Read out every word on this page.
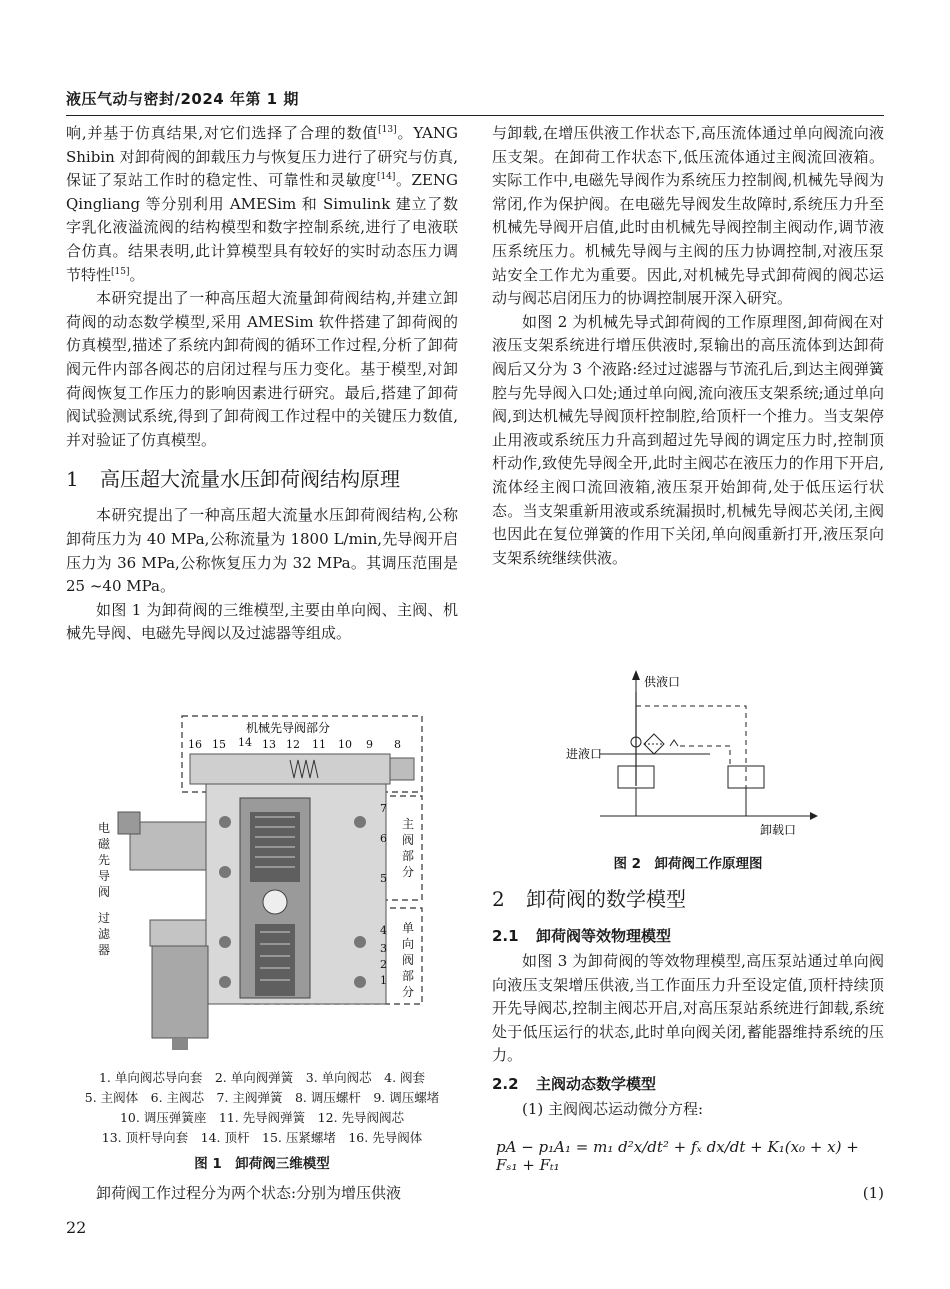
液压气动与密封/2024 年第 1 期

响,并基于仿真结果,对它们选择了合理的数值[13]。YANG Shibin 对卸荷阀的卸载压力与恢复压力进行了研究与仿真,保证了泵站工作时的稳定性、可靠性和灵敏度[14]。ZENG Qingliang 等分别利用 AMESim 和 Simulink 建立了数字乳化液溢流阀的结构模型和数字控制系统,进行了电液联合仿真。结果表明,此计算模型具有较好的实时动态压力调节特性[15]。

本研究提出了一种高压超大流量卸荷阀结构,并建立卸荷阀的动态数学模型,采用 AMESim 软件搭建了卸荷阀的仿真模型,描述了系统内卸荷阀的循环工作过程,分析了卸荷阀元件内部各阀芯的启闭过程与压力变化。基于模型,对卸荷阀恢复工作压力的影响因素进行研究。最后,搭建了卸荷阀试验测试系统,得到了卸荷阀工作过程中的关键压力数值,并对验证了仿真模型。

1 高压超大流量水压卸荷阀结构原理

本研究提出了一种高压超大流量水压卸荷阀结构,公称卸荷压力为 40 MPa,公称流量为 1800 L/min,先导阀开启压力为 36 MPa,公称恢复压力为 32 MPa。其调压范围是 25 ~40 MPa。

如图 1 为卸荷阀的三维模型,主要由单向阀、主阀、机械先导阀、电磁先导阀以及过滤器等组成。

机械先导阀部分
16 15 14 13 12 11 10 9 8
7
6
5
4
3
2
1
主
阀
部
分
单
向
阀
部
分
电
磁
先
导
阀
过
滤
器
1. 单向阀芯导向套　2. 单向阀弹簧　3. 单向阀芯　4. 阀套
5. 主阀体　6. 主阀芯　7. 主阀弹簧　8. 调压螺杆　9. 调压螺堵
10. 调压弹簧座　11. 先导阀弹簧　12. 先导阀阀芯
13. 顶杆导向套　14. 顶杆　15. 压紧螺堵　16. 先导阀体
图 1　卸荷阀三维模型
卸荷阀工作过程分为两个状态:分别为增压供液

与卸载,在增压供液工作状态下,高压流体通过单向阀流向液压支架。在卸荷工作状态下,低压流体通过主阀流回液箱。实际工作中,电磁先导阀作为系统压力控制阀,机械先导阀为常闭,作为保护阀。在电磁先导阀发生故障时,系统压力升至机械先导阀开启值,此时由机械先导阀控制主阀动作,调节液压系统压力。机械先导阀与主阀的压力协调控制,对液压泵站安全工作尤为重要。因此,对机械先导式卸荷阀的阀芯运动与阀芯启闭压力的协调控制展开深入研究。

如图 2 为机械先导式卸荷阀的工作原理图,卸荷阀在对液压支架系统进行增压供液时,泵输出的高压流体到达卸荷阀后又分为 3 个液路:经过过滤器与节流孔后,到达主阀弹簧腔与先导阀入口处;通过单向阀,流向液压支架系统;通过单向阀,到达机械先导阀顶杆控制腔,给顶杆一个推力。当支架停止用液或系统压力升高到超过先导阀的调定压力时,控制顶杆动作,致使先导阀全开,此时主阀芯在液压力的作用下开启,流体经主阀口流回液箱,液压泵开始卸荷,处于低压运行状态。当支架重新用液或系统漏损时,机械先导阀芯关闭,主阀也因此在复位弹簧的作用下关闭,单向阀重新打开,液压泵向支架系统继续供液。

供液口
进液口
卸载口
图 2　卸荷阀工作原理图
2 卸荷阀的数学模型
2.1 卸荷阀等效物理模型

如图 3 为卸荷阀的等效物理模型,高压泵站通过单向阀向液压支架增压供液,当工作面压力升至设定值,顶杆持续顶开先导阀芯,控制主阀芯开启,对高压泵站系统进行卸载,系统处于低压运行的状态,此时单向阀关闭,蓄能器维持系统的压力。

2.2 主阀动态数学模型

(1) 主阀阀芯运动微分方程:

pA − p₁A₁ = m₁ d²x/dt² + fₓ dx/dt + K₁(x₀ + x) + Fₛ₁ + Fₜ₁
(1)
22
